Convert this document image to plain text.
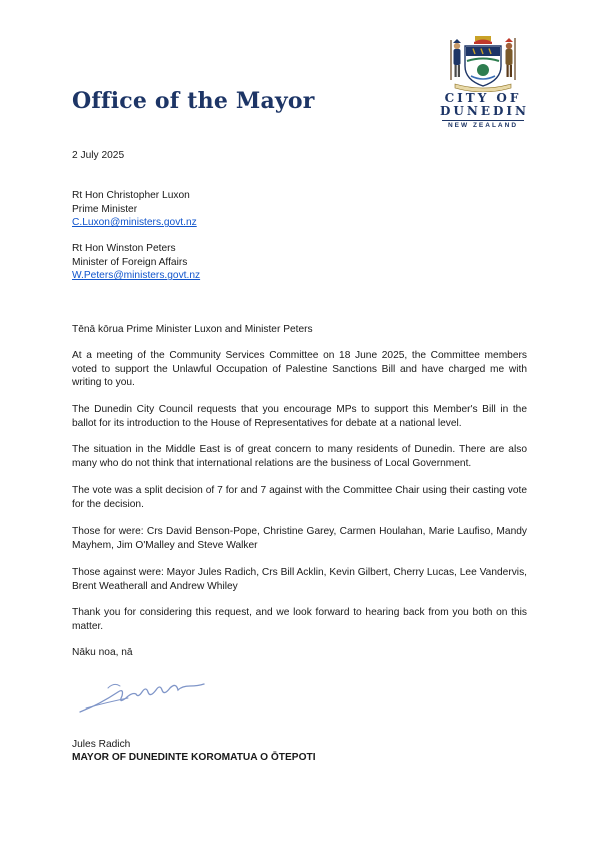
Office of the Mayor	CITY OF
DUNEDIN
NEW ZEALAND

2 July 2025

Rt Hon Christopher Luxon
Prime Minister
C.Luxon@ministers.govt.nz
Rt Hon Winston Peters
Minister of Foreign Affairs
W.Peters@ministers.govt.nz

Tēnā kōrua Prime Minister Luxon and Minister Peters

At a meeting of the Community Services Committee on 18 June 2025, the Committee members voted to support the Unlawful Occupation of Palestine Sanctions Bill and have charged me with writing to you.

The Dunedin City Council requests that you encourage MPs to support this Member's Bill in the ballot for its introduction to the House of Representatives for debate at a national level.

The situation in the Middle East is of great concern to many residents of Dunedin. There are also many who do not think that international relations are the business of Local Government.

The vote was a split decision of 7 for and 7 against with the Committee Chair using their casting vote for the decision.

Those for were: Crs David Benson-Pope, Christine Garey, Carmen Houlahan, Marie Laufiso, Mandy Mayhem, Jim O'Malley and Steve Walker

Those against were: Mayor Jules Radich, Crs Bill Acklin, Kevin Gilbert, Cherry Lucas, Lee Vandervis, Brent Weatherall and Andrew Whiley

Thank you for considering this request, and we look forward to hearing back from you both on this matter.

Nāku noa, nā

Jules Radich

MAYOR OF DUNEDINTE KOROMATUA O ŌTEPOTI
